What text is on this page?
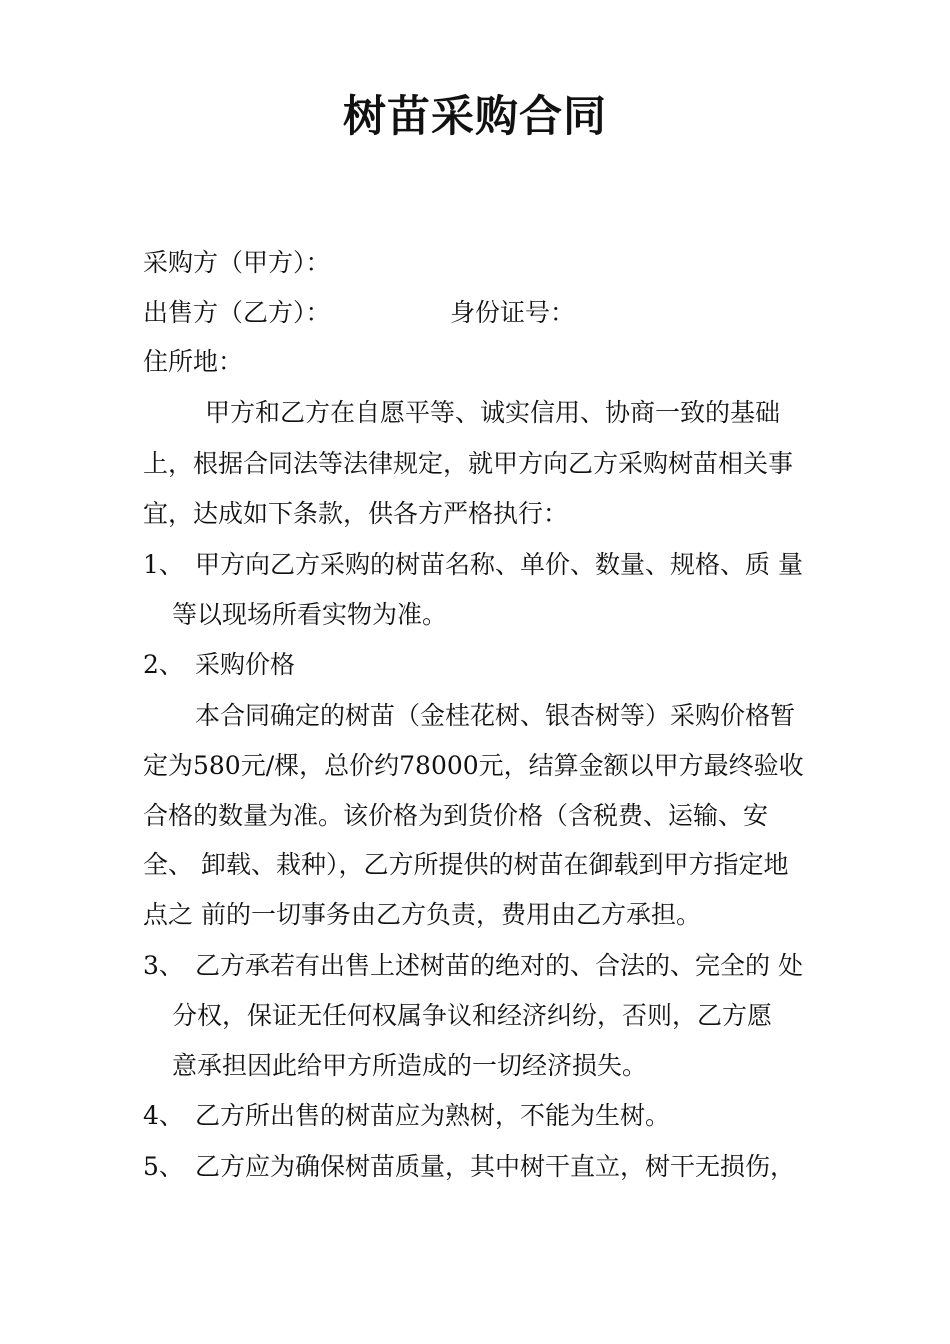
树苗采购合同
采购方（甲方）：
出售方（乙方）：	身份证号：
住所地：
甲方和乙方在自愿平等、诚实信用、协商一致的基础
上，根据合同法等法律规定，就甲方向乙方采购树苗相关事
宜，达成如下条款，供各方严格执行：
1、 甲方向乙方采购的树苗名称、单价、数量、规格、质 量
等以现场所看实物为准。
2、 采购价格
本合同确定的树苗（金桂花树、银杏树等）采购价格暂
定为580元/棵，总价约78000元，结算金额以甲方最终验收
合格的数量为准。该价格为到货价格（含税费、运输、安
全、 卸载、栽种），乙方所提供的树苗在御载到甲方指定地
点之 前的一切事务由乙方负责，费用由乙方承担。
3、 乙方承若有出售上述树苗的绝对的、合法的、完全的 处
分权，保证无任何权属争议和经济纠纷，否则，乙方愿
意承担因此给甲方所造成的一切经济损失。
4、 乙方所出售的树苗应为熟树，不能为生树。
5、 乙方应为确保树苗质量，其中树干直立，树干无损伤，
